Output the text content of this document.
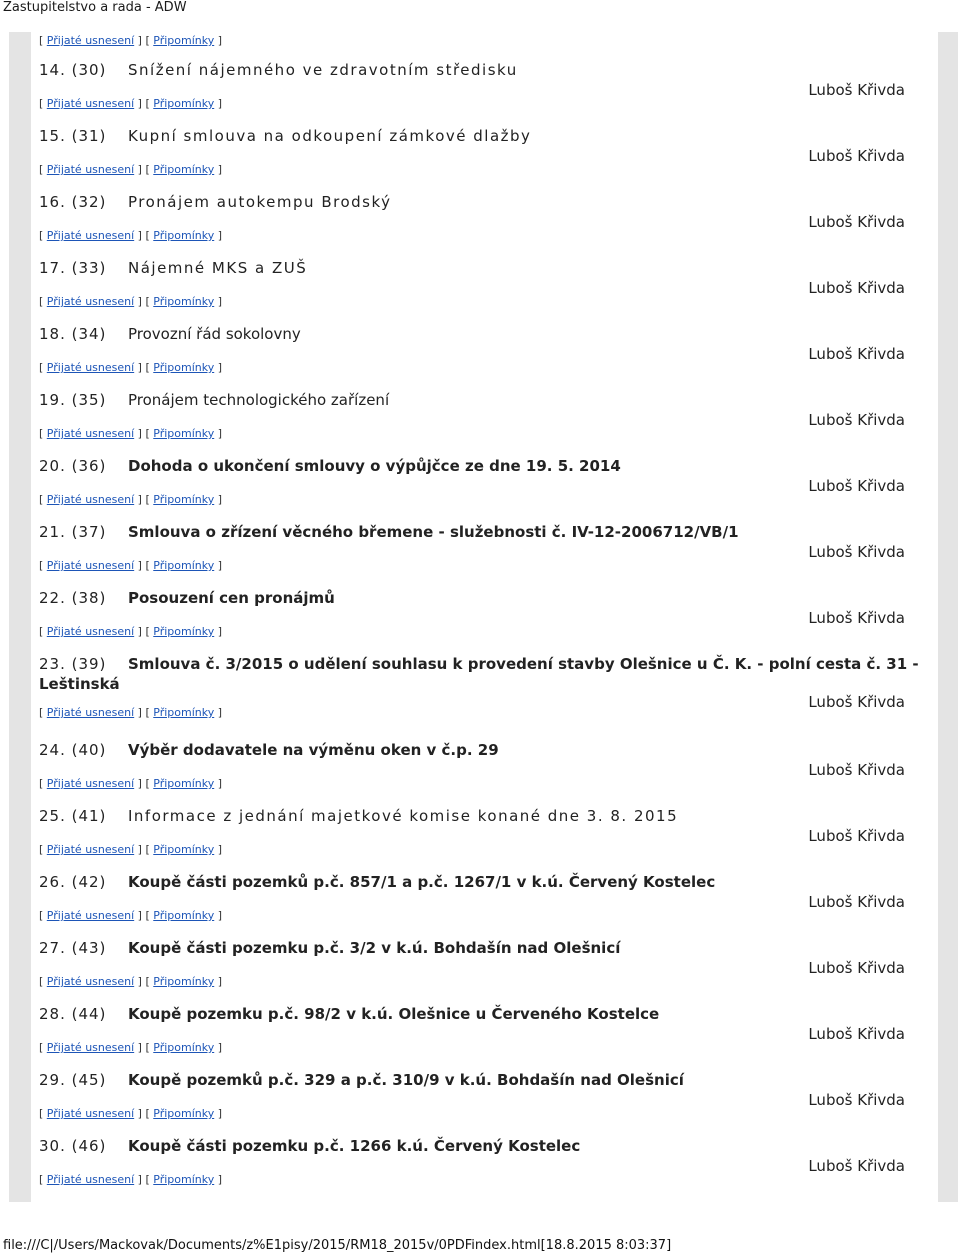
Zastupitelstvo a rada - ADW
[ Přijaté usnesení ] [ Připomínky ]
14. (30) Snížení nájemného ve zdravotním středisku
[ Přijaté usnesení ] [ Připomínky ]
Luboš Křivda
15. (31) Kupní smlouva na odkoupení zámkové dlažby
[ Přijaté usnesení ] [ Připomínky ]
Luboš Křivda
16. (32) Pronájem autokempu Brodský
[ Přijaté usnesení ] [ Připomínky ]
Luboš Křivda
17. (33) Nájemné MKS a ZUŠ
[ Přijaté usnesení ] [ Připomínky ]
Luboš Křivda
18. (34) Provozní řád sokolovny
[ Přijaté usnesení ] [ Připomínky ]
Luboš Křivda
19. (35) Pronájem technologického zařízení
[ Přijaté usnesení ] [ Připomínky ]
Luboš Křivda
20. (36) Dohoda o ukončení smlouvy o výpůjčce ze dne 19. 5. 2014
[ Přijaté usnesení ] [ Připomínky ]
Luboš Křivda
21. (37) Smlouva o zřízení věcného břemene - služebnosti č. IV-12-2006712/VB/1
[ Přijaté usnesení ] [ Připomínky ]
Luboš Křivda
22. (38) Posouzení cen pronájmů
[ Přijaté usnesení ] [ Připomínky ]
Luboš Křivda
23. (39) Smlouva č. 3/2015 o udělení souhlasu k provedení stavby Olešnice u Č. K. - polní cesta č. 31 - Leštinská
[ Přijaté usnesení ] [ Připomínky ]
Luboš Křivda
24. (40) Výběr dodavatele na výměnu oken v č.p. 29
[ Přijaté usnesení ] [ Připomínky ]
Luboš Křivda
25. (41) Informace z jednání majetkové komise konané dne 3. 8. 2015
[ Přijaté usnesení ] [ Připomínky ]
Luboš Křivda
26. (42) Koupě části pozemků p.č. 857/1 a p.č. 1267/1 v k.ú. Červený Kostelec
[ Přijaté usnesení ] [ Připomínky ]
Luboš Křivda
27. (43) Koupě části pozemku p.č. 3/2 v k.ú. Bohdašín nad Olešnicí
[ Přijaté usnesení ] [ Připomínky ]
Luboš Křivda
28. (44) Koupě pozemku p.č. 98/2 v k.ú. Olešnice u Červeného Kostelce
[ Přijaté usnesení ] [ Připomínky ]
Luboš Křivda
29. (45) Koupě pozemků p.č. 329 a p.č. 310/9 v k.ú. Bohdašín nad Olešnicí
[ Přijaté usnesení ] [ Připomínky ]
Luboš Křivda
30. (46) Koupě části pozemku p.č. 1266 k.ú. Červený Kostelec
[ Přijaté usnesení ] [ Připomínky ]
Luboš Křivda
file:///C|/Users/Mackovak/Documents/z%E1pisy/2015/RM18_2015v/0PDFindex.html[18.8.2015 8:03:37]
